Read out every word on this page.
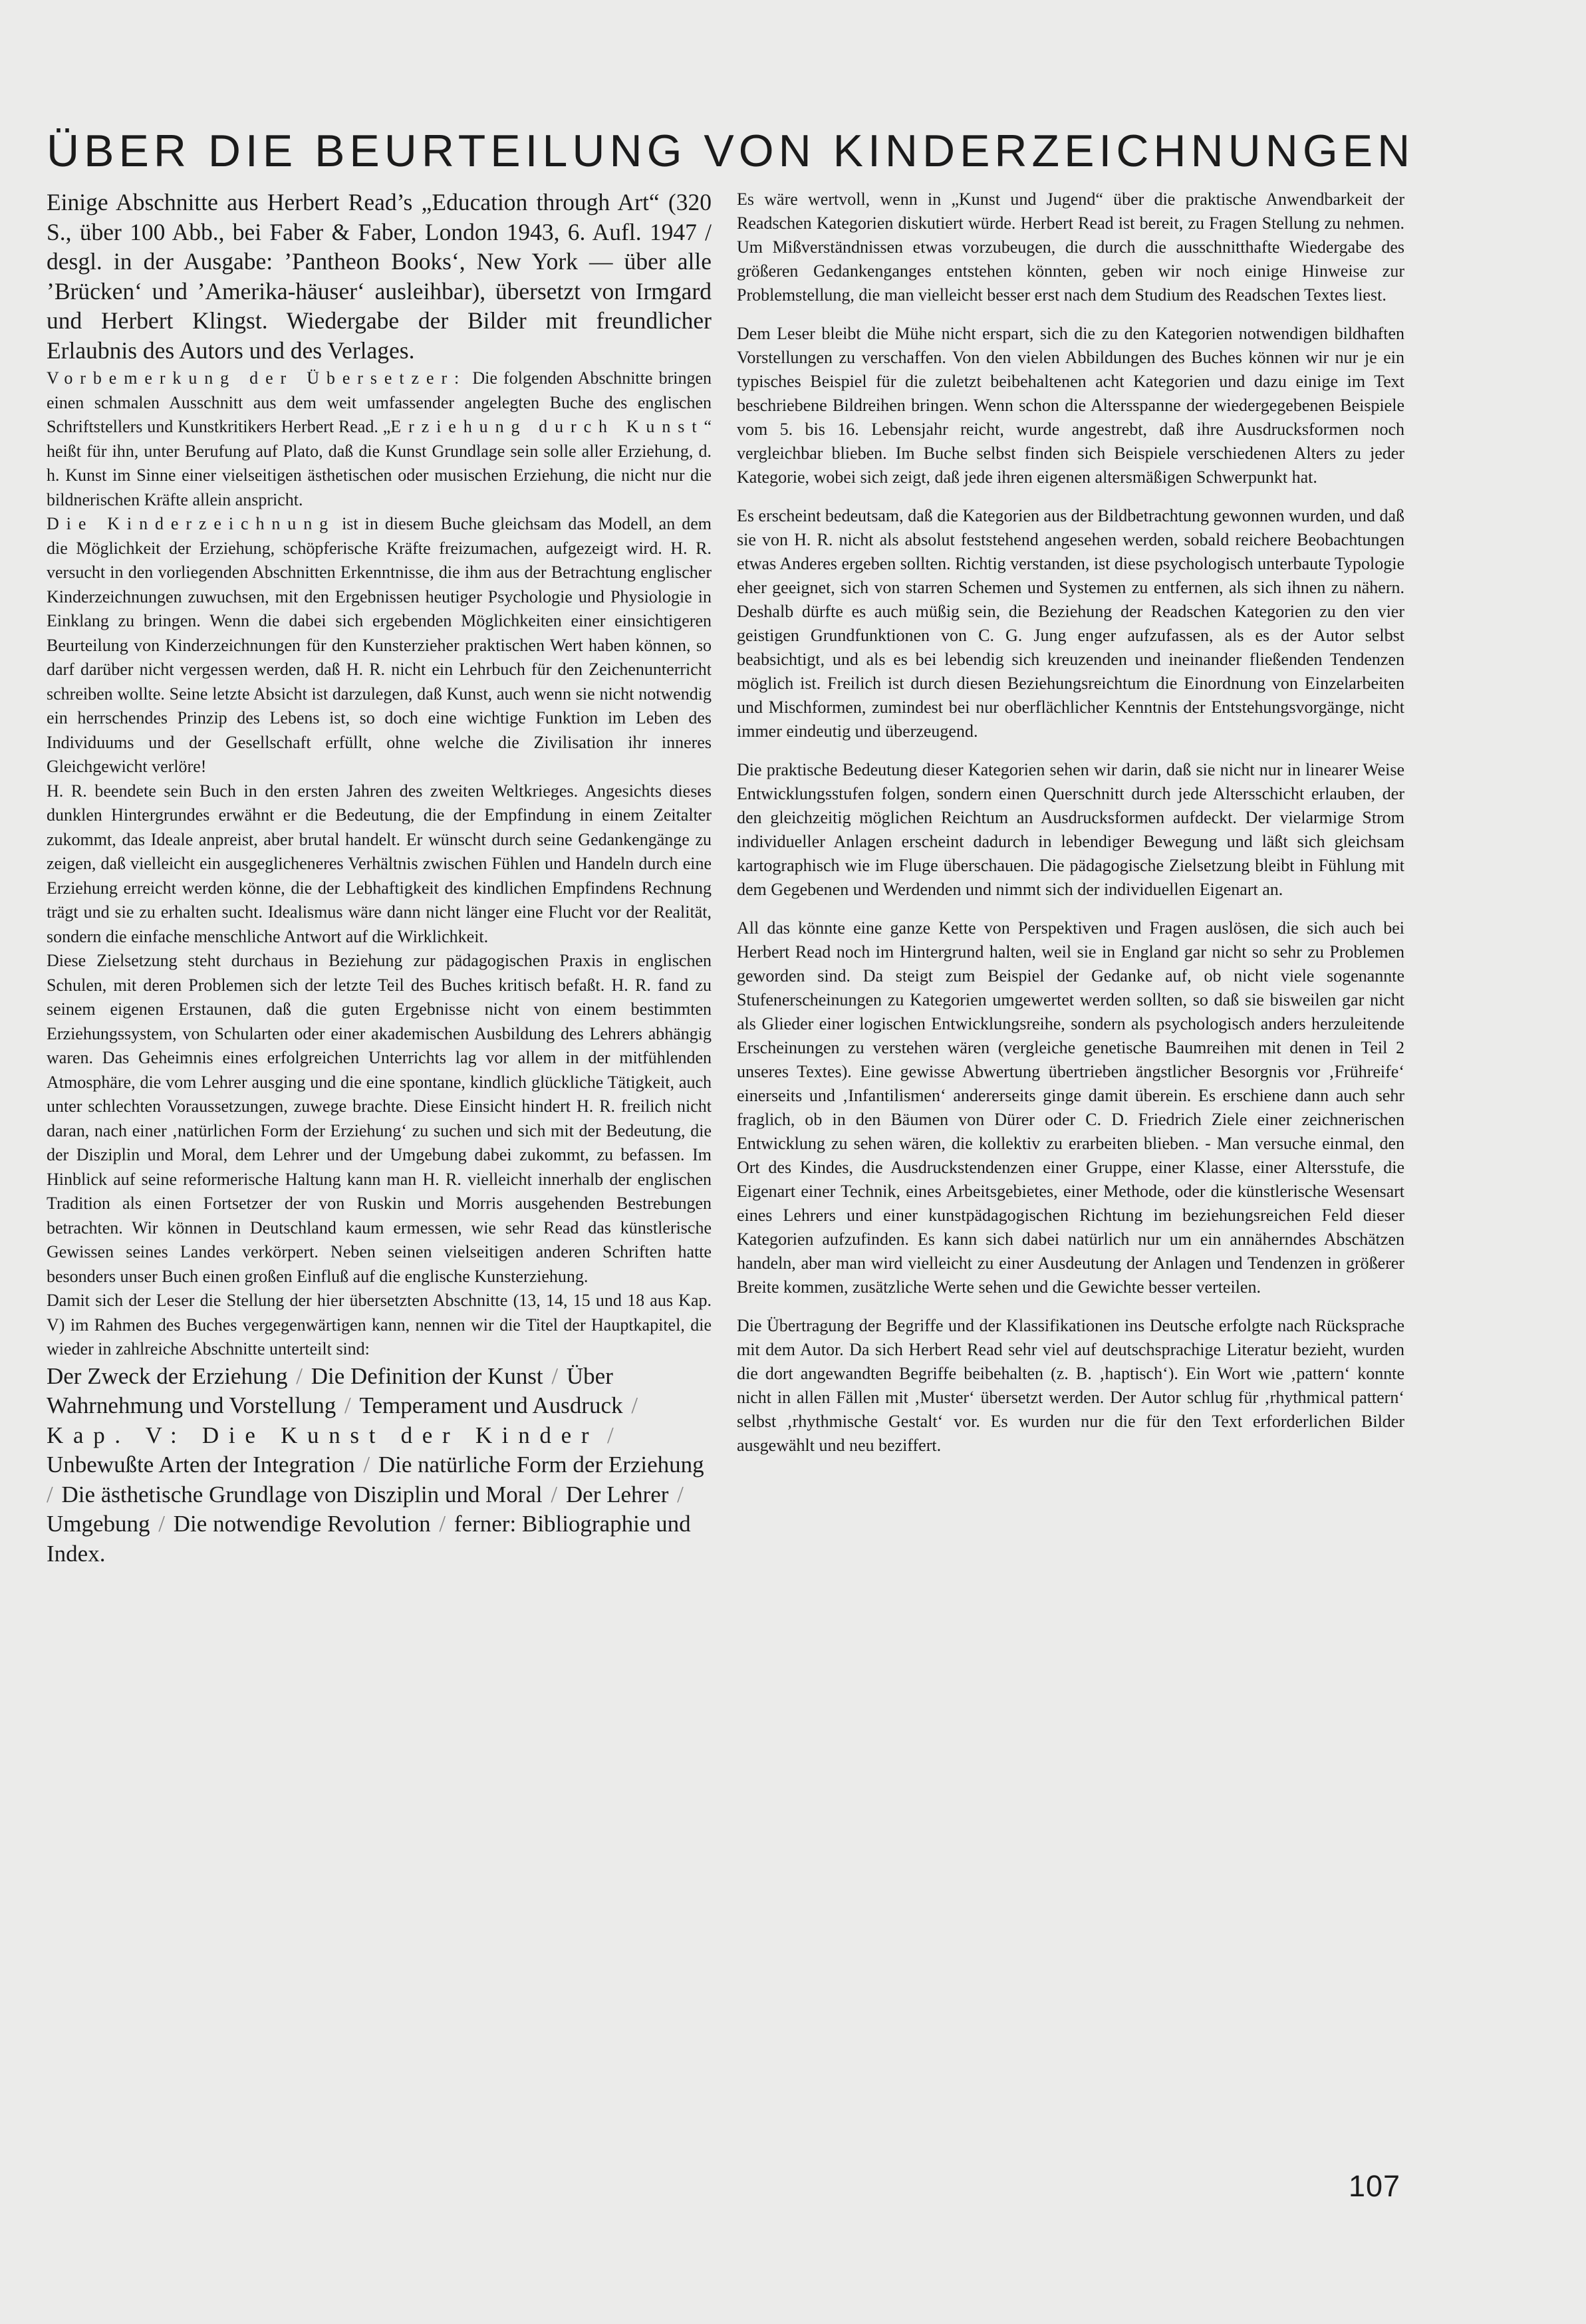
ÜBER DIE BEURTEILUNG VON KINDERZEICHNUNGEN

Einige Abschnitte aus Herbert Read’s „Education through Art“ (320 S., über 100 Abb., bei Faber & Faber, London 1943, 6. Aufl. 1947 / desgl. in der Ausgabe: ’Pantheon Books‘, New York — über alle ’Brücken‘ und ’Amerika-häuser‘ ausleihbar), übersetzt von Irmgard und Herbert Klingst. Wiedergabe der Bilder mit freundlicher Erlaubnis des Autors und des Verlages.

Vorbemerkung der Übersetzer: Die folgenden Abschnitte bringen einen schmalen Ausschnitt aus dem weit umfassender angelegten Buche des englischen Schriftstellers und Kunstkritikers Herbert Read. „Erziehung durch Kunst“ heißt für ihn, unter Berufung auf Plato, daß die Kunst Grundlage sein solle aller Erziehung, d. h. Kunst im Sinne einer vielseitigen ästhetischen oder musischen Erziehung, die nicht nur die bildnerischen Kräfte allein anspricht.

Die Kinderzeichnung ist in diesem Buche gleichsam das Modell, an dem die Möglichkeit der Erziehung, schöpferische Kräfte freizumachen, aufgezeigt wird. H. R. versucht in den vorliegenden Abschnitten Erkenntnisse, die ihm aus der Betrachtung englischer Kinderzeichnungen zuwuchsen, mit den Ergebnissen heutiger Psychologie und Physiologie in Einklang zu bringen. Wenn die dabei sich ergebenden Möglichkeiten einer einsichtigeren Beurteilung von Kinderzeichnungen für den Kunsterzieher praktischen Wert haben können, so darf darüber nicht vergessen werden, daß H. R. nicht ein Lehrbuch für den Zeichenunterricht schreiben wollte. Seine letzte Absicht ist darzulegen, daß Kunst, auch wenn sie nicht notwendig ein herrschendes Prinzip des Lebens ist, so doch eine wichtige Funktion im Leben des Individuums und der Gesellschaft erfüllt, ohne welche die Zivilisation ihr inneres Gleichgewicht verlöre!

H. R. beendete sein Buch in den ersten Jahren des zweiten Weltkrieges. Angesichts dieses dunklen Hintergrundes erwähnt er die Bedeutung, die der Empfindung in einem Zeitalter zukommt, das Ideale anpreist, aber brutal handelt. Er wünscht durch seine Gedankengänge zu zeigen, daß vielleicht ein ausgeglicheneres Verhältnis zwischen Fühlen und Handeln durch eine Erziehung erreicht werden könne, die der Lebhaftigkeit des kindlichen Empfindens Rechnung trägt und sie zu erhalten sucht. Idealismus wäre dann nicht länger eine Flucht vor der Realität, sondern die einfache menschliche Antwort auf die Wirklichkeit.

Diese Zielsetzung steht durchaus in Beziehung zur pädagogischen Praxis in englischen Schulen, mit deren Problemen sich der letzte Teil des Buches kritisch befaßt. H. R. fand zu seinem eigenen Erstaunen, daß die guten Ergebnisse nicht von einem bestimmten Erziehungssystem, von Schularten oder einer akademischen Ausbildung des Lehrers abhängig waren. Das Geheimnis eines erfolgreichen Unterrichts lag vor allem in der mitfühlenden Atmosphäre, die vom Lehrer ausging und die eine spontane, kindlich glückliche Tätigkeit, auch unter schlechten Voraussetzungen, zuwege brachte. Diese Einsicht hindert H. R. freilich nicht daran, nach einer ‚natürlichen Form der Erziehung‘ zu suchen und sich mit der Bedeutung, die der Disziplin und Moral, dem Lehrer und der Umgebung dabei zukommt, zu befassen. Im Hinblick auf seine reformerische Haltung kann man H. R. vielleicht innerhalb der englischen Tradition als einen Fortsetzer der von Ruskin und Morris ausgehenden Bestrebungen betrachten. Wir können in Deutschland kaum ermessen, wie sehr Read das künstlerische Gewissen seines Landes verkörpert. Neben seinen vielseitigen anderen Schriften hatte besonders unser Buch einen großen Einfluß auf die englische Kunsterziehung.

Damit sich der Leser die Stellung der hier übersetzten Abschnitte (13, 14, 15 und 18 aus Kap. V) im Rahmen des Buches vergegenwärtigen kann, nennen wir die Titel der Hauptkapitel, die wieder in zahlreiche Abschnitte unterteilt sind:

Der Zweck der Erziehung / Die Definition der Kunst / Über Wahrnehmung und Vorstellung / Temperament und Ausdruck / Kap. V: Die Kunst der Kinder / Unbewußte Arten der Integration / Die natürliche Form der Erziehung / Die ästhetische Grundlage von Disziplin und Moral / Der Lehrer / Umgebung / Die notwendige Revolution / ferner: Bibliographie und Index.

Es wäre wertvoll, wenn in „Kunst und Jugend“ über die praktische Anwendbarkeit der Readschen Kategorien diskutiert würde. Herbert Read ist bereit, zu Fragen Stellung zu nehmen. Um Mißverständnissen etwas vorzubeugen, die durch die ausschnitthafte Wiedergabe des größeren Gedankenganges entstehen könnten, geben wir noch einige Hinweise zur Problemstellung, die man vielleicht besser erst nach dem Studium des Readschen Textes liest.

Dem Leser bleibt die Mühe nicht erspart, sich die zu den Kategorien notwendigen bildhaften Vorstellungen zu verschaffen. Von den vielen Abbildungen des Buches können wir nur je ein typisches Beispiel für die zuletzt beibehaltenen acht Kategorien und dazu einige im Text beschriebene Bildreihen bringen. Wenn schon die Altersspanne der wiedergegebenen Beispiele vom 5. bis 16. Lebensjahr reicht, wurde angestrebt, daß ihre Ausdrucksformen noch vergleichbar blieben. Im Buche selbst finden sich Beispiele verschiedenen Alters zu jeder Kategorie, wobei sich zeigt, daß jede ihren eigenen altersmäßigen Schwerpunkt hat.

Es erscheint bedeutsam, daß die Kategorien aus der Bildbetrachtung gewonnen wurden, und daß sie von H. R. nicht als absolut feststehend angesehen werden, sobald reichere Beobachtungen etwas Anderes ergeben sollten. Richtig verstanden, ist diese psychologisch unterbaute Typologie eher geeignet, sich von starren Schemen und Systemen zu entfernen, als sich ihnen zu nähern. Deshalb dürfte es auch müßig sein, die Beziehung der Readschen Kategorien zu den vier geistigen Grundfunktionen von C. G. Jung enger aufzufassen, als es der Autor selbst beabsichtigt, und als es bei lebendig sich kreuzenden und ineinander fließenden Tendenzen möglich ist. Freilich ist durch diesen Beziehungsreichtum die Einordnung von Einzelarbeiten und Mischformen, zumindest bei nur oberflächlicher Kenntnis der Entstehungsvorgänge, nicht immer eindeutig und überzeugend.

Die praktische Bedeutung dieser Kategorien sehen wir darin, daß sie nicht nur in linearer Weise Entwicklungsstufen folgen, sondern einen Querschnitt durch jede Altersschicht erlauben, der den gleichzeitig möglichen Reichtum an Ausdrucksformen aufdeckt. Der vielarmige Strom individueller Anlagen erscheint dadurch in lebendiger Bewegung und läßt sich gleichsam kartographisch wie im Fluge überschauen. Die pädagogische Zielsetzung bleibt in Fühlung mit dem Gegebenen und Werdenden und nimmt sich der individuellen Eigenart an.

All das könnte eine ganze Kette von Perspektiven und Fragen auslösen, die sich auch bei Herbert Read noch im Hintergrund halten, weil sie in England gar nicht so sehr zu Problemen geworden sind. Da steigt zum Beispiel der Gedanke auf, ob nicht viele sogenannte Stufenerscheinungen zu Kategorien umgewertet werden sollten, so daß sie bisweilen gar nicht als Glieder einer logischen Entwicklungsreihe, sondern als psychologisch anders herzuleitende Erscheinungen zu verstehen wären (vergleiche genetische Baumreihen mit denen in Teil 2 unseres Textes). Eine gewisse Abwertung übertrieben ängstlicher Besorgnis vor ‚Frühreife‘ einerseits und ‚Infantilismen‘ andererseits ginge damit überein. Es erschiene dann auch sehr fraglich, ob in den Bäumen von Dürer oder C. D. Friedrich Ziele einer zeichnerischen Entwicklung zu sehen wären, die kollektiv zu erarbeiten blieben. - Man versuche einmal, den Ort des Kindes, die Ausdruckstendenzen einer Gruppe, einer Klasse, einer Altersstufe, die Eigenart einer Technik, eines Arbeitsgebietes, einer Methode, oder die künstlerische Wesensart eines Lehrers und einer kunstpädagogischen Richtung im beziehungsreichen Feld dieser Kategorien aufzufinden. Es kann sich dabei natürlich nur um ein annäherndes Abschätzen handeln, aber man wird vielleicht zu einer Ausdeutung der Anlagen und Tendenzen in größerer Breite kommen, zusätzliche Werte sehen und die Gewichte besser verteilen.

Die Übertragung der Begriffe und der Klassifikationen ins Deutsche erfolgte nach Rücksprache mit dem Autor. Da sich Herbert Read sehr viel auf deutschsprachige Literatur bezieht, wurden die dort angewandten Begriffe beibehalten (z. B. ‚haptisch‘). Ein Wort wie ‚pattern‘ konnte nicht in allen Fällen mit ‚Muster‘ übersetzt werden. Der Autor schlug für ‚rhythmical pattern‘ selbst ‚rhythmische Gestalt‘ vor. Es wurden nur die für den Text erforderlichen Bilder ausgewählt und neu beziffert.

107
